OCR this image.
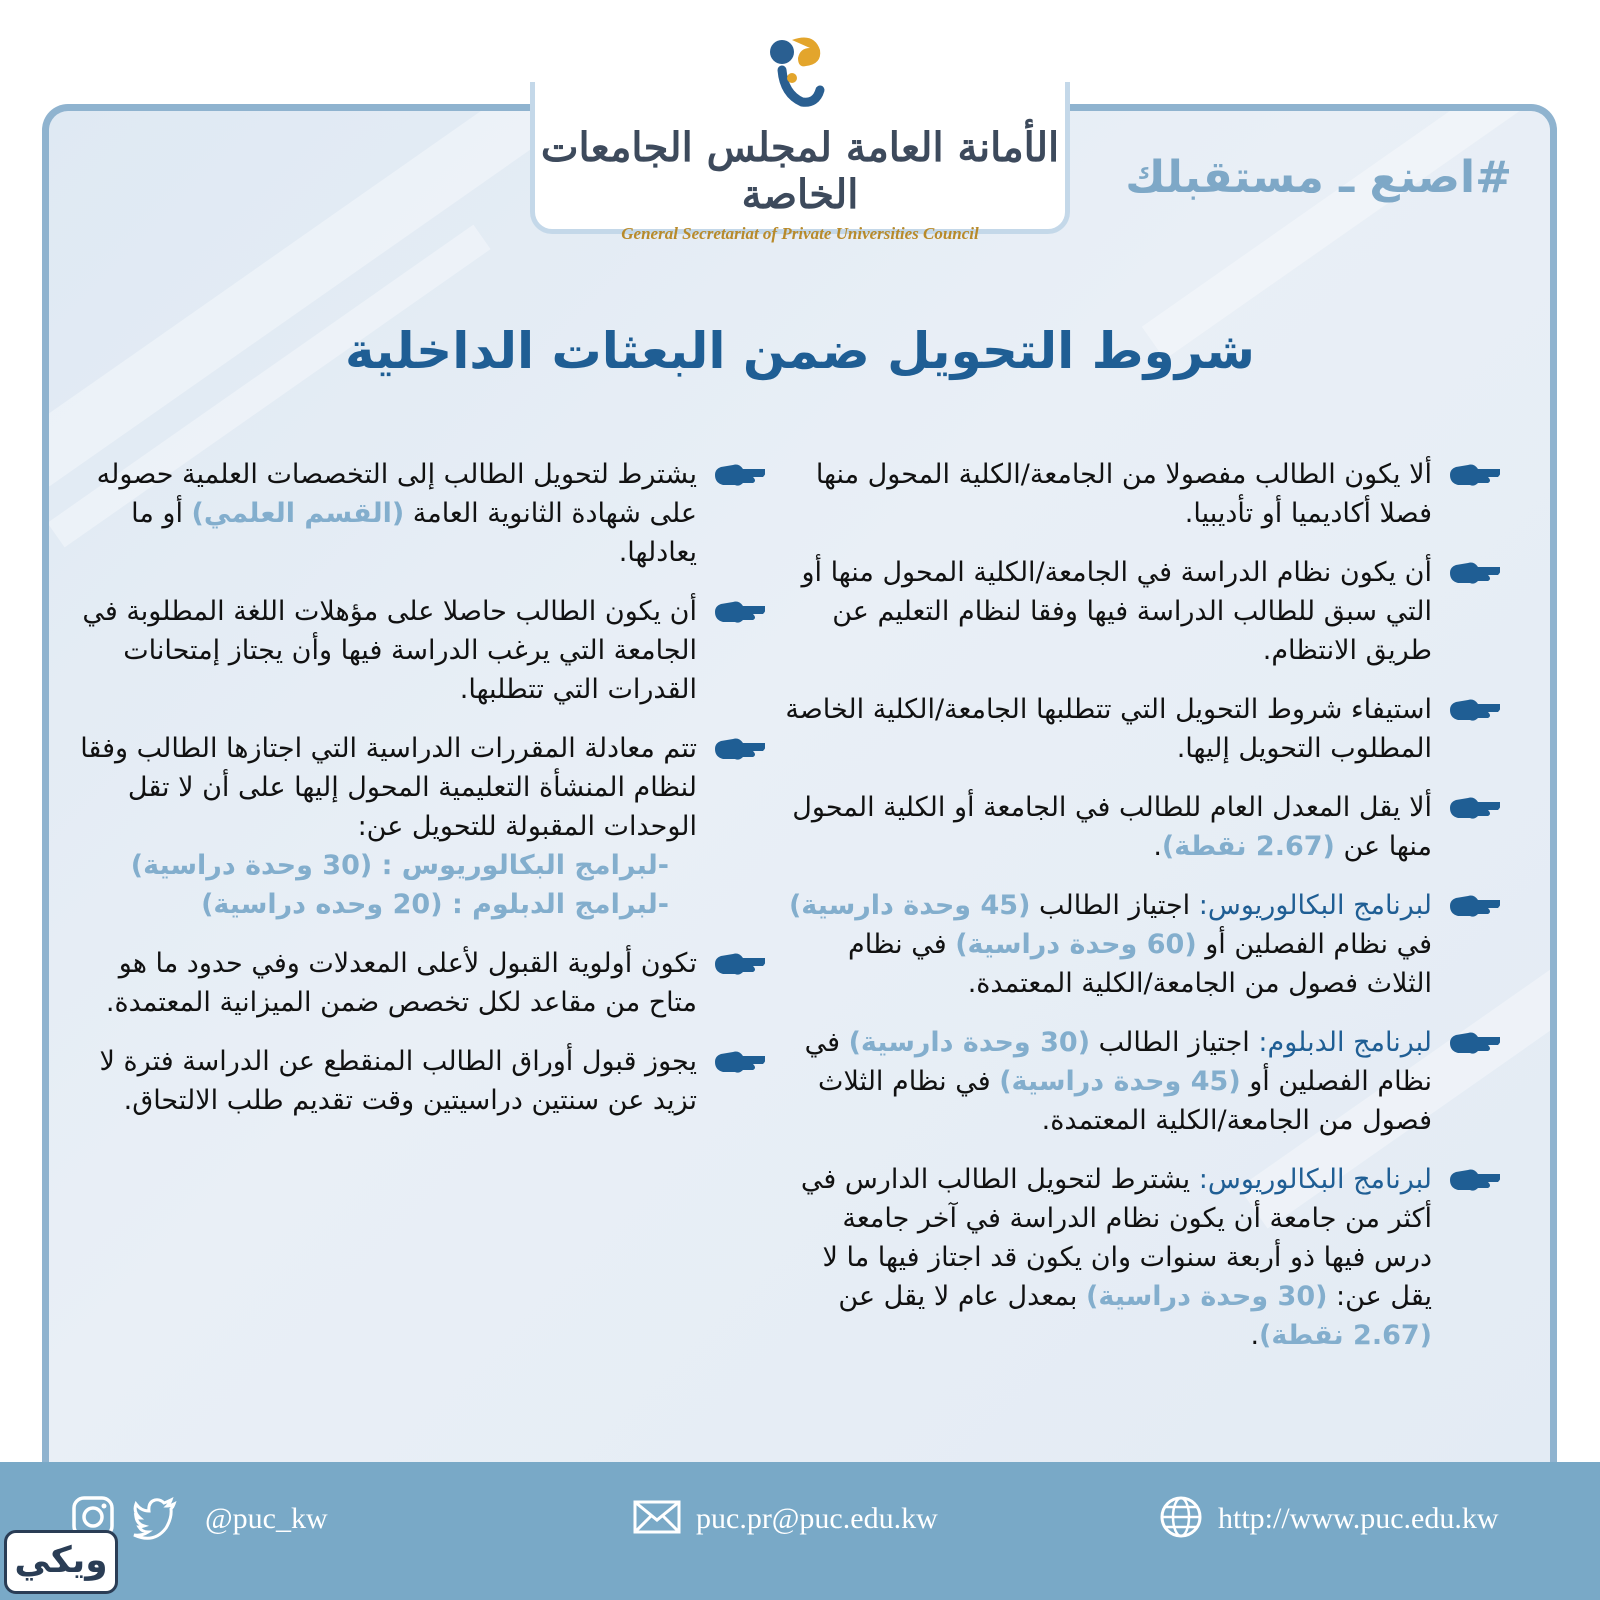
الأمانة العامة لمجلس الجامعات الخاصة
General Secretariat of Private Universities Council
#اصنع ـ مستقبلك
شروط التحويل ضمن البعثات الداخلية
ألا يكون الطالب مفصولا من الجامعة/الكلية المحول منها فصلا أكاديميا أو تأديبيا.
أن يكون نظام الدراسة في الجامعة/الكلية المحول منها أو التي سبق للطالب الدراسة فيها وفقا لنظام التعليم عن طريق الانتظام.
استيفاء شروط التحويل التي تتطلبها الجامعة/الكلية الخاصة المطلوب التحويل إليها.
ألا يقل المعدل العام للطالب في الجامعة أو الكلية المحول منها عن (2.67 نقطة).
لبرنامج البكالوريوس: اجتياز الطالب (45 وحدة دارسية) في نظام الفصلين أو (60 وحدة دراسية) في نظام الثلاث فصول من الجامعة/الكلية المعتمدة.
لبرنامج الدبلوم: اجتياز الطالب (30 وحدة دارسية) في نظام الفصلين أو (45 وحدة دراسية) في نظام الثلاث فصول من الجامعة/الكلية المعتمدة.
لبرنامج البكالوريوس: يشترط لتحويل الطالب الدارس في أكثر من جامعة أن يكون نظام الدراسة في آخر جامعة درس فيها ذو أربعة سنوات وان يكون قد اجتاز فيها ما لا يقل عن: (30 وحدة دراسية) بمعدل عام لا يقل عن (2.67 نقطة).
يشترط لتحويل الطالب إلى التخصصات العلمية حصوله على شهادة الثانوية العامة (القسم العلمي) أو ما يعادلها.
أن يكون الطالب حاصلا على مؤهلات اللغة المطلوبة في الجامعة التي يرغب الدراسة فيها وأن يجتاز إمتحانات القدرات التي تتطلبها.
تتم معادلة المقررات الدراسية التي اجتازها الطالب وفقا لنظام المنشأة التعليمية المحول إليها على أن لا تقل الوحدات المقبولة للتحويل عن:
-لبرامج البكالوريوس : (30 وحدة دراسية)
-لبرامج الدبلوم : (20 وحده دراسية)
تكون أولوية القبول لأعلى المعدلات وفي حدود ما هو متاح من مقاعد لكل تخصص ضمن الميزانية المعتمدة.
يجوز قبول أوراق الطالب المنقطع عن الدراسة فترة لا تزيد عن سنتين دراسيتين وقت تقديم طلب الالتحاق.
@puc_kw	puc.pr@puc.edu.kw	http://www.puc.edu.kw
ويكي
